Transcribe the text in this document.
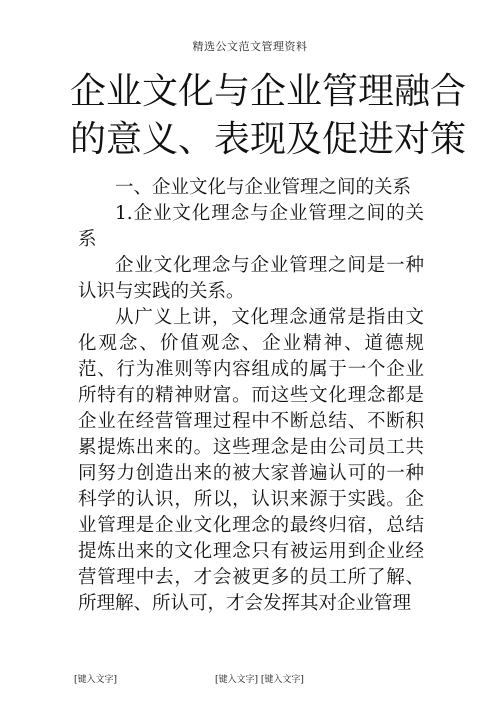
精选公文范文管理资料
企业文化与企业管理融合
的意义、表现及促进对策

一、企业文化与企业管理之间的关系

1.企业文化理念与企业管理之间的关系

企业文化理念与企业管理之间是一种认识与实践的关系。

从广义上讲，文化理念通常是指由文化观念、价值观念、企业精神、道德规范、行为准则等内容组成的属于一个企业所特有的精神财富。而这些文化理念都是企业在经营管理过程中不断总结、不断积累提炼出来的。这些理念是由公司员工共同努力创造出来的被大家普遍认可的一种科学的认识，所以，认识来源于实践。企业管理是企业文化理念的最终归宿，总结提炼出来的文化理念只有被运用到企业经营管理中去，才会被更多的员工所了解、所理解、所认可，才会发挥其对企业管理

[键入文字]	[键入文字] [键入文字]
